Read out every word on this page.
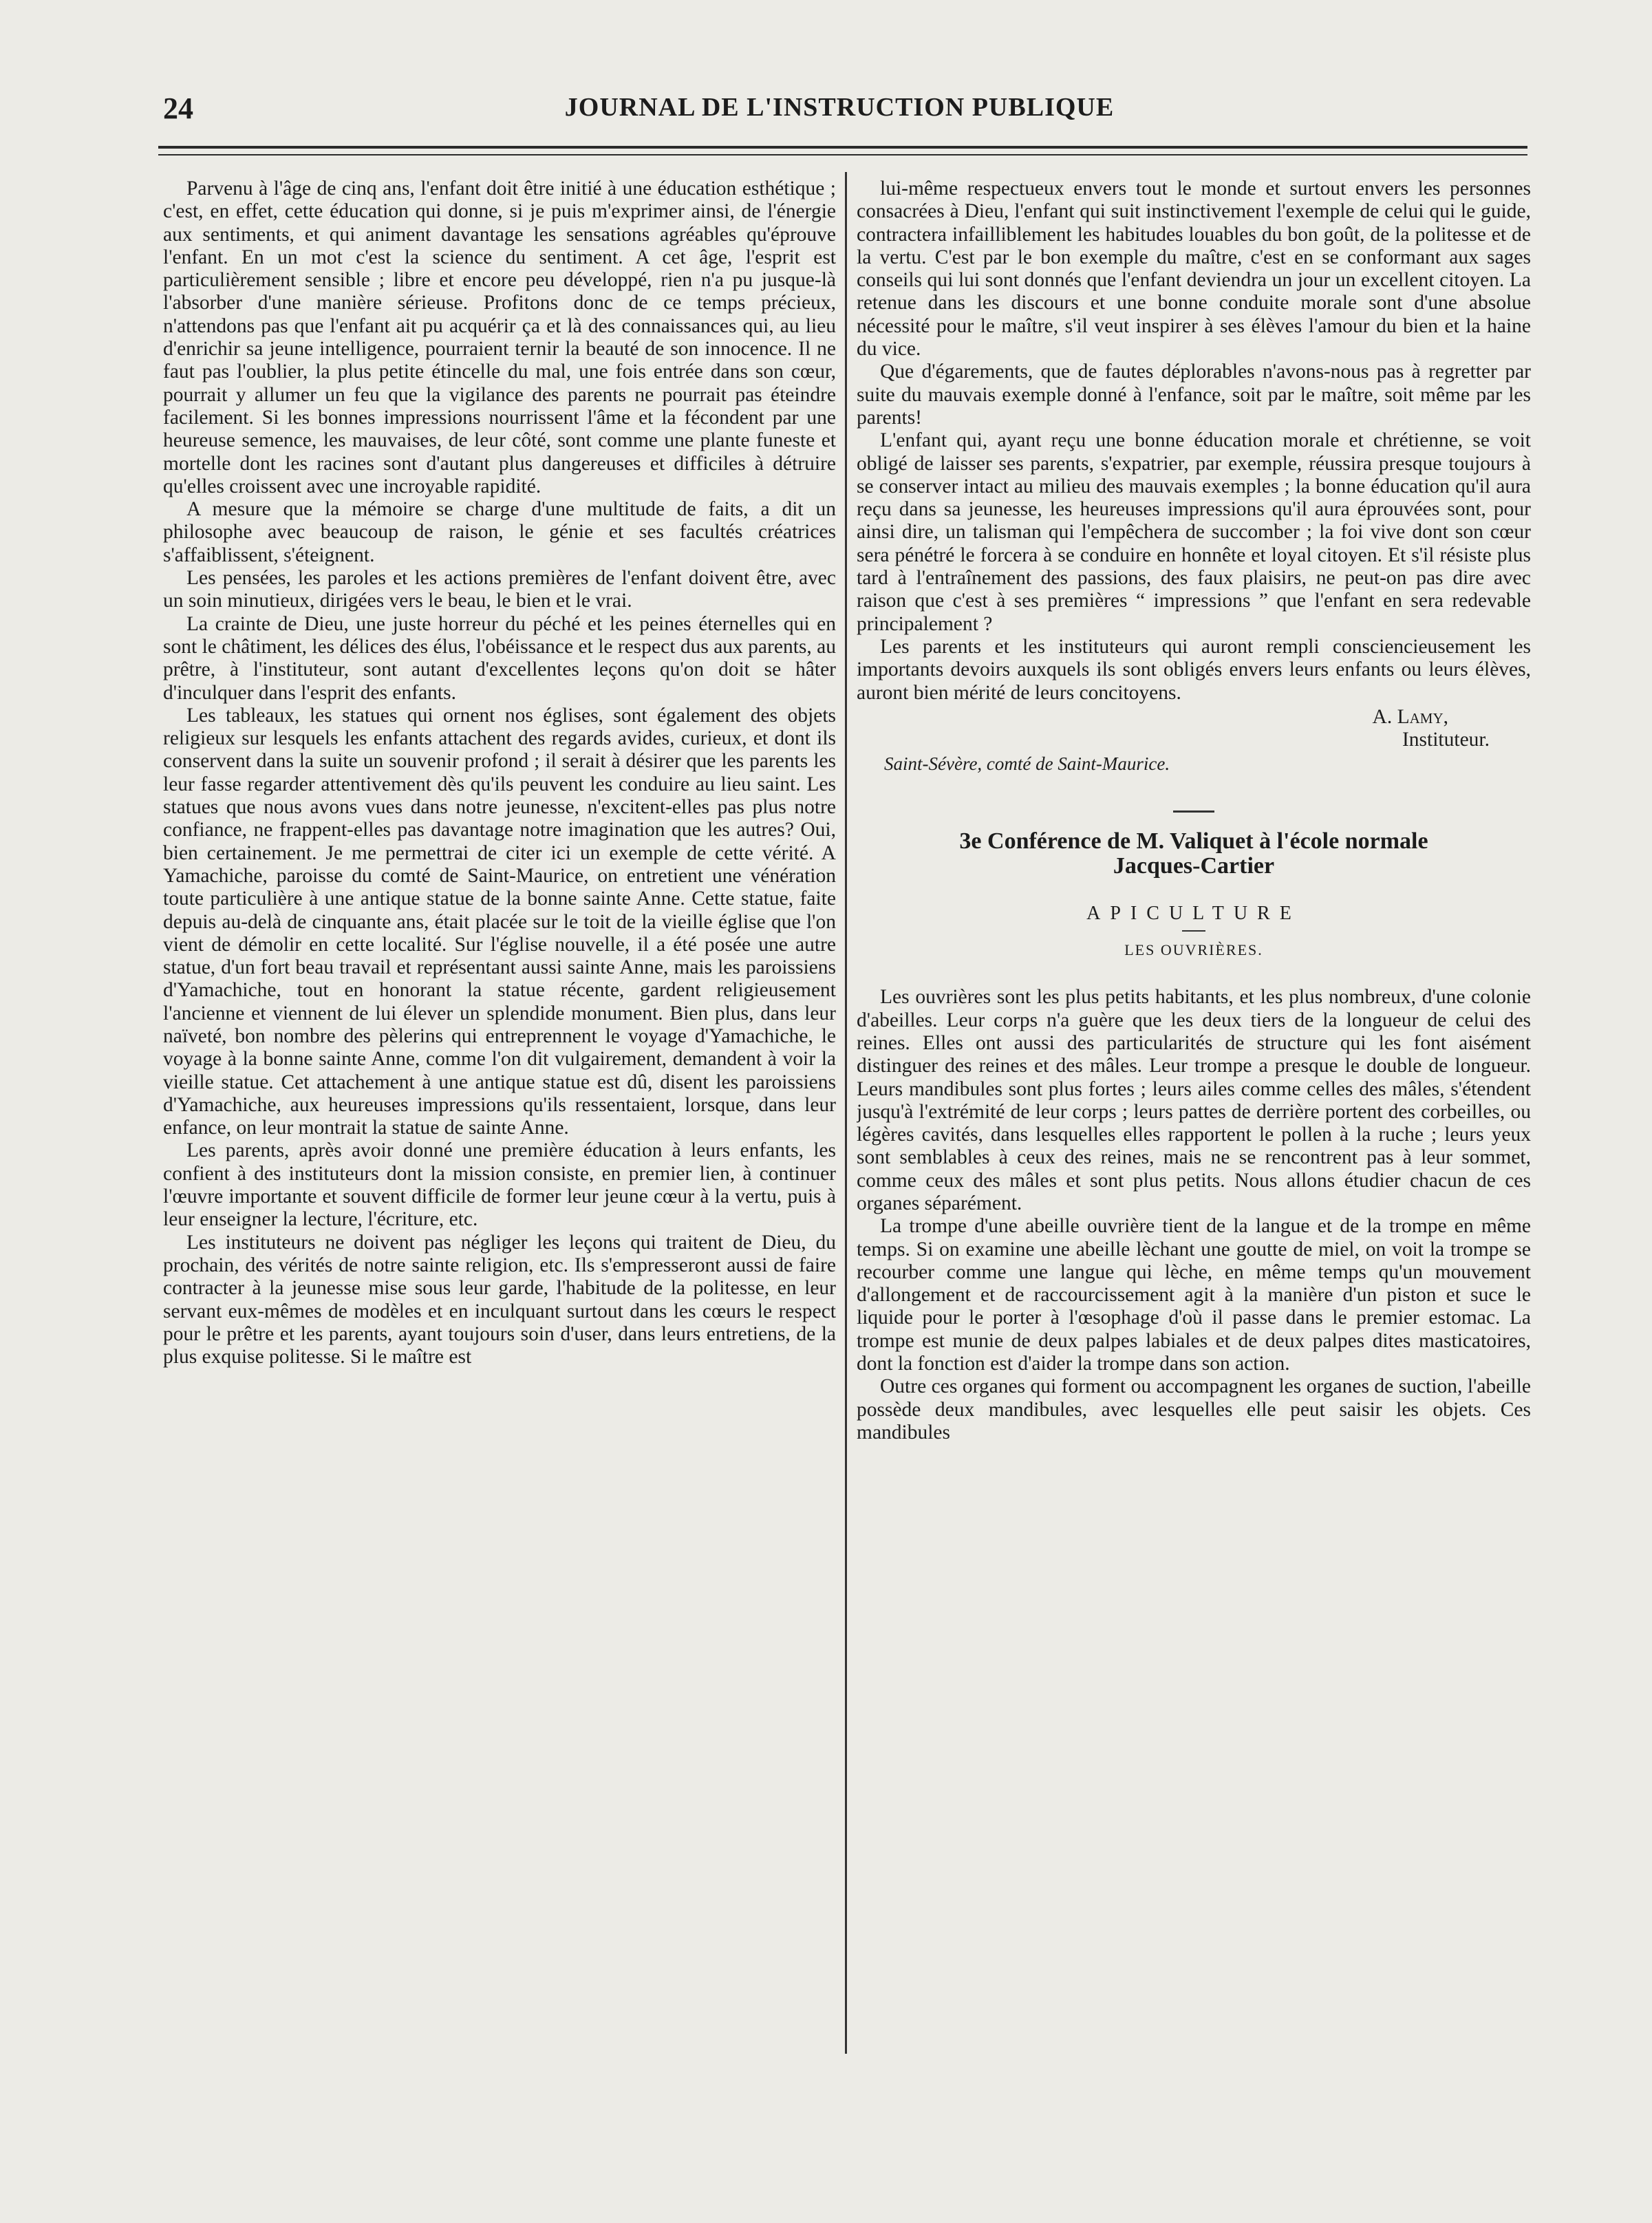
24	JOURNAL DE L'INSTRUCTION PUBLIQUE

Parvenu à l'âge de cinq ans, l'enfant doit être initié à une éducation esthétique ; c'est, en effet, cette éducation qui donne, si je puis m'exprimer ainsi, de l'énergie aux sentiments, et qui animent davantage les sensations agréables qu'éprouve l'enfant. En un mot c'est la science du sentiment. A cet âge, l'esprit est particulièrement sensible ; libre et encore peu développé, rien n'a pu jusque-là l'absorber d'une manière sérieuse. Profitons donc de ce temps précieux, n'attendons pas que l'enfant ait pu acquérir ça et là des connaissances qui, au lieu d'enrichir sa jeune intelligence, pourraient ternir la beauté de son innocence. Il ne faut pas l'oublier, la plus petite étincelle du mal, une fois entrée dans son cœur, pourrait y allumer un feu que la vigilance des parents ne pourrait pas éteindre facilement. Si les bonnes impressions nourrissent l'âme et la fécondent par une heureuse semence, les mauvaises, de leur côté, sont comme une plante funeste et mortelle dont les racines sont d'autant plus dangereuses et difficiles à détruire qu'elles croissent avec une incroyable rapidité.

A mesure que la mémoire se charge d'une multitude de faits, a dit un philosophe avec beaucoup de raison, le génie et ses facultés créatrices s'affaiblissent, s'éteignent.

Les pensées, les paroles et les actions premières de l'enfant doivent être, avec un soin minutieux, dirigées vers le beau, le bien et le vrai.

La crainte de Dieu, une juste horreur du péché et les peines éternelles qui en sont le châtiment, les délices des élus, l'obéissance et le respect dus aux parents, au prêtre, à l'instituteur, sont autant d'excellentes leçons qu'on doit se hâter d'inculquer dans l'esprit des enfants.

Les tableaux, les statues qui ornent nos églises, sont également des objets religieux sur lesquels les enfants attachent des regards avides, curieux, et dont ils conservent dans la suite un souvenir profond ; il serait à désirer que les parents les leur fasse regarder attentivement dès qu'ils peuvent les conduire au lieu saint. Les statues que nous avons vues dans notre jeunesse, n'excitent-elles pas plus notre confiance, ne frappent-elles pas davantage notre imagination que les autres? Oui, bien certainement. Je me permettrai de citer ici un exemple de cette vérité. A Yamachiche, paroisse du comté de Saint-Maurice, on entretient une vénération toute particulière à une antique statue de la bonne sainte Anne. Cette statue, faite depuis au-delà de cinquante ans, était placée sur le toit de la vieille église que l'on vient de démolir en cette localité. Sur l'église nouvelle, il a été posée une autre statue, d'un fort beau travail et représentant aussi sainte Anne, mais les paroissiens d'Yamachiche, tout en honorant la statue récente, gardent religieusement l'ancienne et viennent de lui élever un splendide monument. Bien plus, dans leur naïveté, bon nombre des pèlerins qui entreprennent le voyage d'Yamachiche, le voyage à la bonne sainte Anne, comme l'on dit vulgairement, demandent à voir la vieille statue. Cet attachement à une antique statue est dû, disent les paroissiens d'Yamachiche, aux heureuses impressions qu'ils ressentaient, lorsque, dans leur enfance, on leur montrait la statue de sainte Anne.

Les parents, après avoir donné une première éducation à leurs enfants, les confient à des instituteurs dont la mission consiste, en premier lien, à continuer l'œuvre importante et souvent difficile de former leur jeune cœur à la vertu, puis à leur enseigner la lecture, l'écriture, etc.

Les instituteurs ne doivent pas négliger les leçons qui traitent de Dieu, du prochain, des vérités de notre sainte religion, etc. Ils s'empresseront aussi de faire contracter à la jeunesse mise sous leur garde, l'habitude de la politesse, en leur servant eux-mêmes de modèles et en inculquant surtout dans les cœurs le respect pour le prêtre et les parents, ayant toujours soin d'user, dans leurs entretiens, de la plus exquise politesse. Si le maître est

lui-même respectueux envers tout le monde et surtout envers les personnes consacrées à Dieu, l'enfant qui suit instinctivement l'exemple de celui qui le guide, contractera infailliblement les habitudes louables du bon goût, de la politesse et de la vertu. C'est par le bon exemple du maître, c'est en se conformant aux sages conseils qui lui sont donnés que l'enfant deviendra un jour un excellent citoyen. La retenue dans les discours et une bonne conduite morale sont d'une absolue nécessité pour le maître, s'il veut inspirer à ses élèves l'amour du bien et la haine du vice.

Que d'égarements, que de fautes déplorables n'avons-nous pas à regretter par suite du mauvais exemple donné à l'enfance, soit par le maître, soit même par les parents!

L'enfant qui, ayant reçu une bonne éducation morale et chrétienne, se voit obligé de laisser ses parents, s'expatrier, par exemple, réussira presque toujours à se conserver intact au milieu des mauvais exemples ; la bonne éducation qu'il aura reçu dans sa jeunesse, les heureuses impressions qu'il aura éprouvées sont, pour ainsi dire, un talisman qui l'empêchera de succomber ; la foi vive dont son cœur sera pénétré le forcera à se conduire en honnête et loyal citoyen. Et s'il résiste plus tard à l'entraînement des passions, des faux plaisirs, ne peut-on pas dire avec raison que c'est à ses premières “ impressions ” que l'enfant en sera redevable principalement ?

Les parents et les instituteurs qui auront rempli consciencieusement les importants devoirs auxquels ils sont obligés envers leurs enfants ou leurs élèves, auront bien mérité de leurs concitoyens.

A. Lamy,
Instituteur.
Saint-Sévère, comté de Saint-Maurice.
3e Conférence de M. Valiquet à l'école normale
Jacques-Cartier
APICULTURE
LES OUVRIÈRES.

Les ouvrières sont les plus petits habitants, et les plus nombreux, d'une colonie d'abeilles. Leur corps n'a guère que les deux tiers de la longueur de celui des reines. Elles ont aussi des particularités de structure qui les font aisément distinguer des reines et des mâles. Leur trompe a presque le double de longueur. Leurs mandibules sont plus fortes ; leurs ailes comme celles des mâles, s'étendent jusqu'à l'extrémité de leur corps ; leurs pattes de derrière portent des corbeilles, ou légères cavités, dans lesquelles elles rapportent le pollen à la ruche ; leurs yeux sont semblables à ceux des reines, mais ne se rencontrent pas à leur sommet, comme ceux des mâles et sont plus petits. Nous allons étudier chacun de ces organes séparément.

La trompe d'une abeille ouvrière tient de la langue et de la trompe en même temps. Si on examine une abeille lèchant une goutte de miel, on voit la trompe se recourber comme une langue qui lèche, en même temps qu'un mouvement d'allongement et de raccourcissement agit à la manière d'un piston et suce le liquide pour le porter à l'œsophage d'où il passe dans le premier estomac. La trompe est munie de deux palpes labiales et de deux palpes dites masticatoires, dont la fonction est d'aider la trompe dans son action.

Outre ces organes qui forment ou accompagnent les organes de suction, l'abeille possède deux mandibules, avec lesquelles elle peut saisir les objets. Ces mandibules
